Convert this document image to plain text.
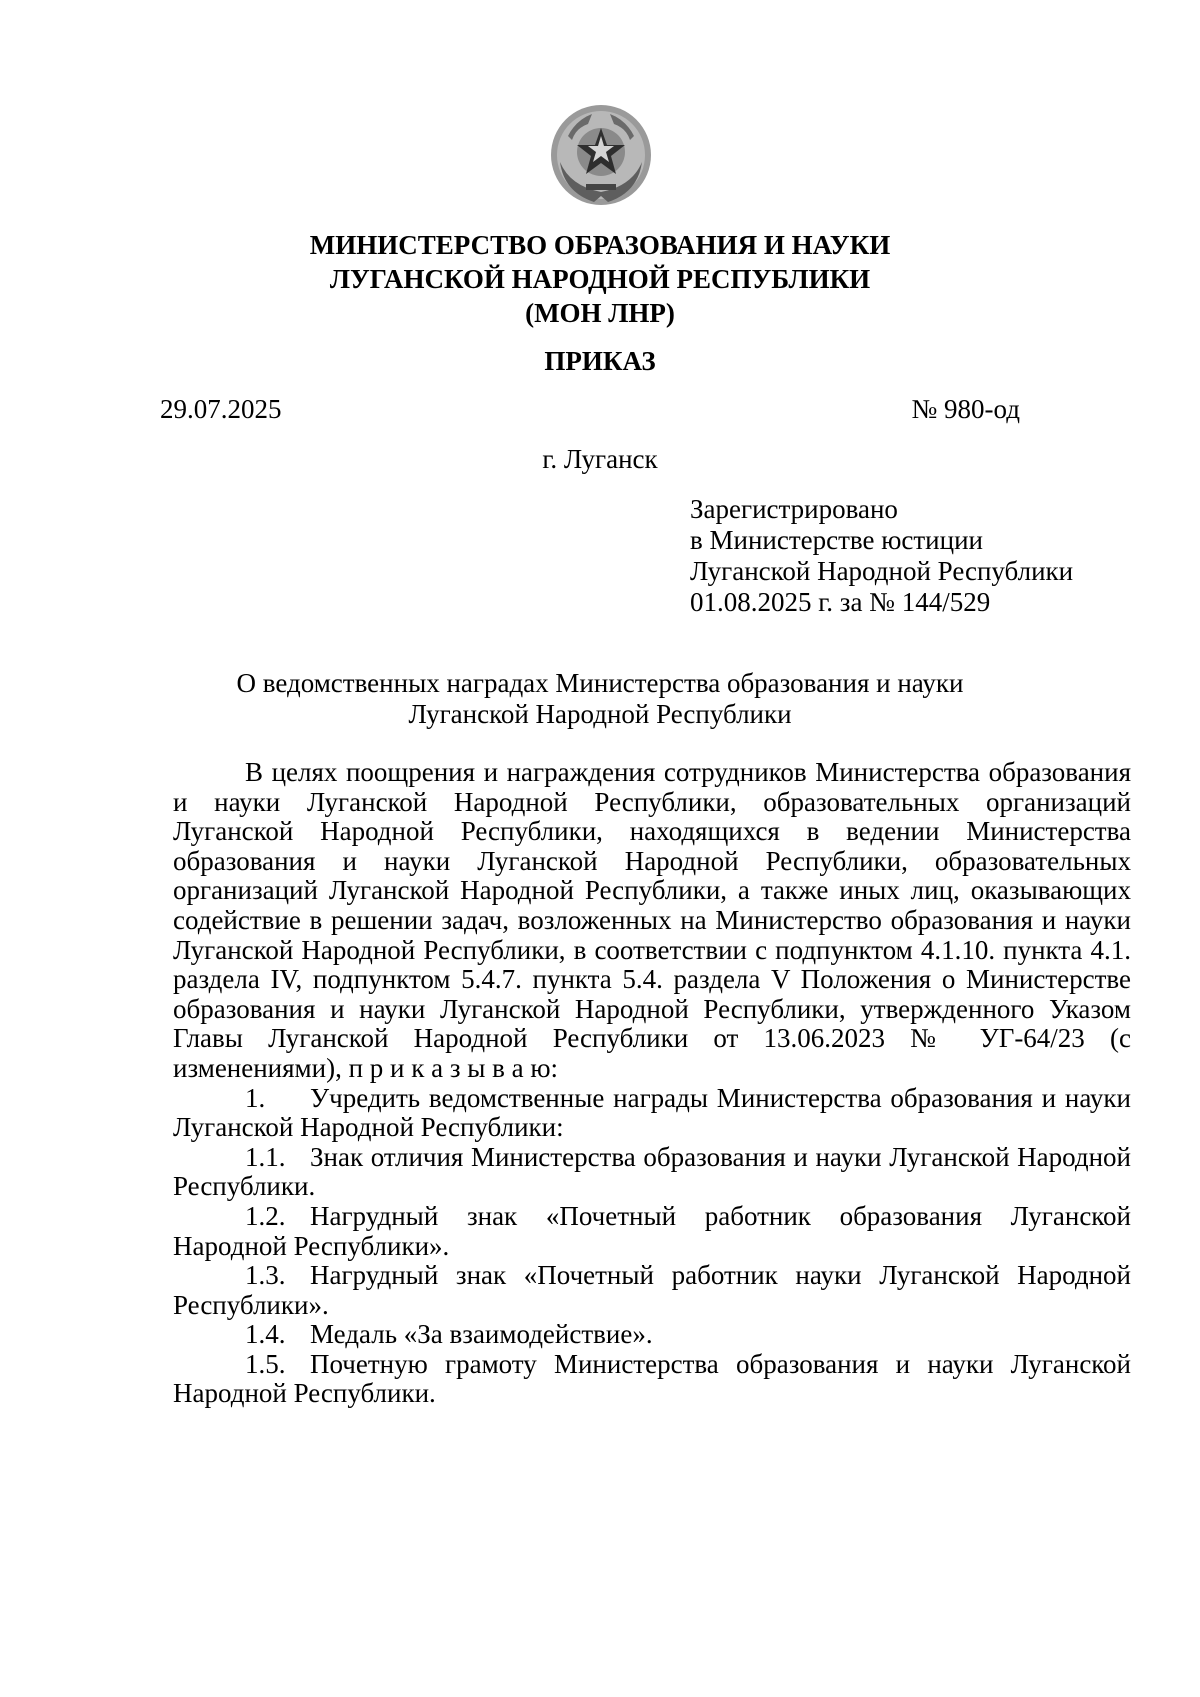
МИНИСТЕРСТВО ОБРАЗОВАНИЯ И НАУКИ
ЛУГАНСКОЙ НАРОДНОЙ РЕСПУБЛИКИ
(МОН ЛНР)
ПРИКАЗ
29.07.2025	№ 980-од
г. Луганск
Зарегистрировано
в Министерстве юстиции
Луганской Народной Республики
01.08.2025 г. за № 144/529
О ведомственных наградах Министерства образования и науки
Луганской Народной Республики

В целях поощрения и награждения сотрудников Министерства образования и науки Луганской Народной Республики, образовательных организаций Луганской Народной Республики, находящихся в ведении Министерства образования и науки Луганской Народной Республики, образовательных организаций Луганской Народной Республики, а также иных лиц, оказывающих содействие в решении задач, возложенных на Министерство образования и науки Луганской Народной Республики, в соответствии с подпунктом 4.1.10. пункта 4.1. раздела IV, подпунктом 5.4.7. пункта 5.4. раздела V Положения о Министерстве образования и науки Луганской Народной Республики, утвержденного Указом Главы Луганской Народной Республики от 13.06.2023 № УГ-64/23 (с изменениями), п р и к а з ы в а ю:

1. Учредить ведомственные награды Министерства образования и науки Луганской Народной Республики:

1.1. Знак отличия Министерства образования и науки Луганской Народной Республики.

1.2. Нагрудный знак «Почетный работник образования Луганской Народной Республики».

1.3. Нагрудный знак «Почетный работник науки Луганской Народной Республики».

1.4. Медаль «За взаимодействие».

1.5. Почетную грамоту Министерства образования и науки Луганской Народной Республики.
